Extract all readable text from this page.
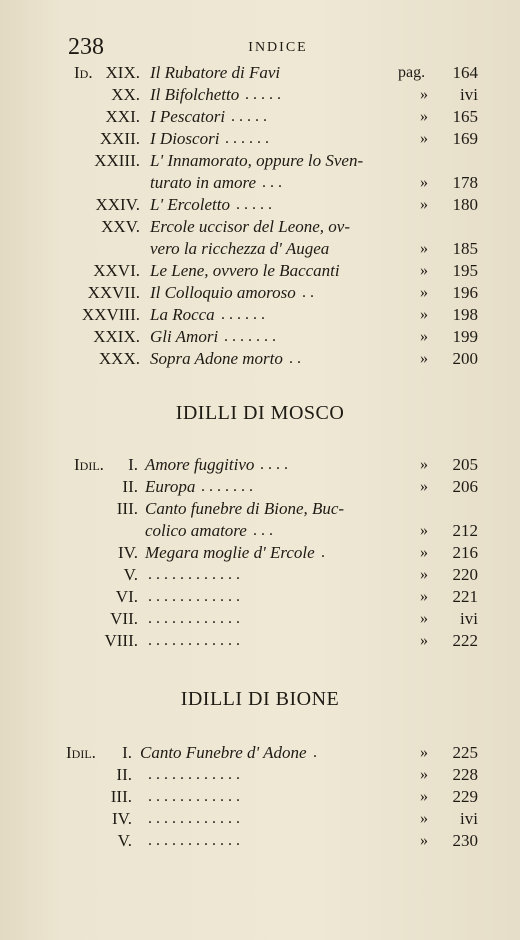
238	INDICE
Id. XIX. Il Rubatore di Favi	pag.	164
XX. Il Bifolchetto .....	»	ivi
XXI. I Pescatori .....	»	165
XXII. I Dioscori ......	»	169
XXIII. L' Innamorato, oppure lo Sven-
turato in amore ...	»	178
XXIV. L' Ercoletto .....	»	180
XXV. Ercole uccisor del Leone, ov-
vero la ricchezza d' Augea	»	185
XXVI. Le Lene, ovvero le Baccanti	»	195
XXVII. Il Colloquio amoroso ..	»	196
XXVIII. La Rocca ......	»	198
XXIX. Gli Amori .......	»	199
XXX. Sopra Adone morto ..	»	200
IDILLI DI MOSCO
Idil. I. Amore fuggitivo ....	»	205
II. Europa .......	»	206
III. Canto funebre di Bione, Buc-
colico amatore ...	»	212
IV. Megara moglie d' Ercole .	»	216
V. ............	»	220
VI. ............	»	221
VII. ............	»	ivi
VIII. ............	»	222
IDILLI DI BIONE
Idil. I. Canto Funebre d' Adone .	»	225
II. ............	»	228
III. ............	»	229
IV. ............	»	ivi
V. ............	»	230
